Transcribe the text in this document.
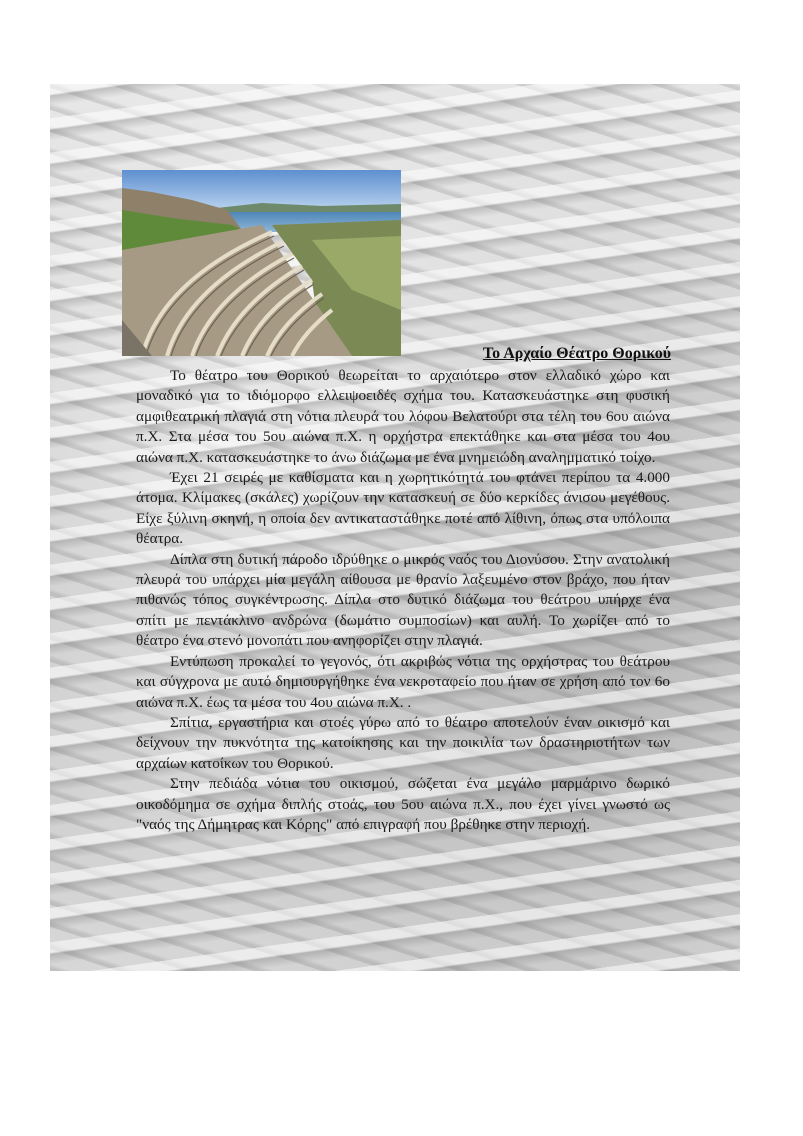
Το Αρχαίο Θέατρο Θορικού

Το θέατρο του Θορικού θεωρείται το αρχαιότερο στον ελλαδικό χώρο και μοναδικό για το ιδιόμορφο ελλειψοειδές σχήμα του. Κατασκευάστηκε στη φυσική αμφιθεατρική πλαγιά στη νότια πλευρά του λόφου Βελατούρι στα τέλη του 6ου αιώνα π.Χ. Στα μέσα του 5ου αιώνα π.Χ. η ορχήστρα επεκτάθηκε και στα μέσα του 4ου αιώνα π.Χ. κατασκευάστηκε το άνω διάζωμα με ένα μνημειώδη αναλημματικό τοίχο.

Έχει 21 σειρές με καθίσματα και η χωρητικότητά του φτάνει περίπου τα 4.000 άτομα. Κλίμακες (σκάλες) χωρίζουν την κατασκευή σε δύο κερκίδες άνισου μεγέθους. Είχε ξύλινη σκηνή, η οποία δεν αντικαταστάθηκε ποτέ από λίθινη, όπως στα υπόλοιπα θέατρα.

Δίπλα στη δυτική πάροδο ιδρύθηκε ο μικρός ναός του Διονύσου. Στην ανατολική πλευρά του υπάρχει μία μεγάλη αίθουσα με θρανίο λαξευμένο στον βράχο, που ήταν πιθανώς τόπος συγκέντρωσης. Δίπλα στο δυτικό διάζωμα του θεάτρου υπήρχε ένα σπίτι με πεντάκλινο ανδρώνα (δωμάτιο συμποσίων) και αυλή. Το χωρίζει από το θέατρο ένα στενό μονοπάτι που ανηφορίζει στην πλαγιά.

Εντύπωση προκαλεί το γεγονός, ότι ακριβώς νότια της ορχήστρας του θεάτρου και σύγχρονα με αυτό δημιουργήθηκε ένα νεκροταφείο που ήταν σε χρήση από τον 6ο αιώνα π.Χ. έως τα μέσα του 4ου αιώνα π.Χ. .

Σπίτια, εργαστήρια και στοές γύρω από το θέατρο αποτελούν έναν οικισμό και δείχνουν την πυκνότητα της κατοίκησης και την ποικιλία των δραστηριοτήτων των αρχαίων κατοίκων του Θορικού.

Στην πεδιάδα νότια του οικισμού, σώζεται ένα μεγάλο μαρμάρινο δωρικό οικοδόμημα σε σχήμα διπλής στοάς, του 5ου αιώνα π.Χ., που έχει γίνει γνωστό ως "ναός της Δήμητρας και Κόρης" από επιγραφή που βρέθηκε στην περιοχή.
